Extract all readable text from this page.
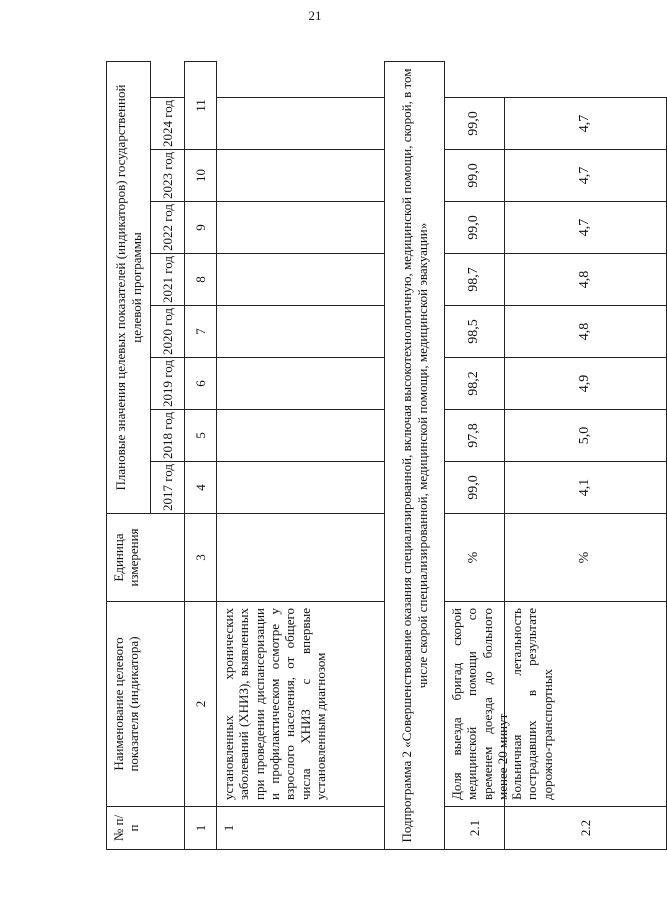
21
№ п/п
Наименование целевого показателя (индикатора)
Единица измерения
Плановые значения целевых показателей (индикаторов) государственной целевой программы
2017 год
2018 год
2019 год
2020 год
2021 год
2022 год
2023 год
2024 год
1
2
3
4
5
6
7
8
9
10
11
1
установленных хронических заболеваний (ХНИЗ), выявленных при проведении диспансеризации и профилактическом осмотре у взрослого населения, от общего числа ХНИЗ с впервые установленным диагнозом	Подпрограмма 2 «Совершенствование оказания специализированной, включая высокотехнологичную, медицинской помощи, скорой, в том числе скорой специализированной, медицинской помощи, медицинской эвакуации»
2.1
Доля выезда бригад скорой медицинской помощи со временем доезда до больного менее 20 минут
%
99,0
97,8
98,2
98,5
98,7
99,0
99,0
99,0
2.2
Больничная летальность пострадавших в результате дорожно-транспортных
%
4,1
5,0
4,9
4,8
4,8
4,7
4,7
4,7
